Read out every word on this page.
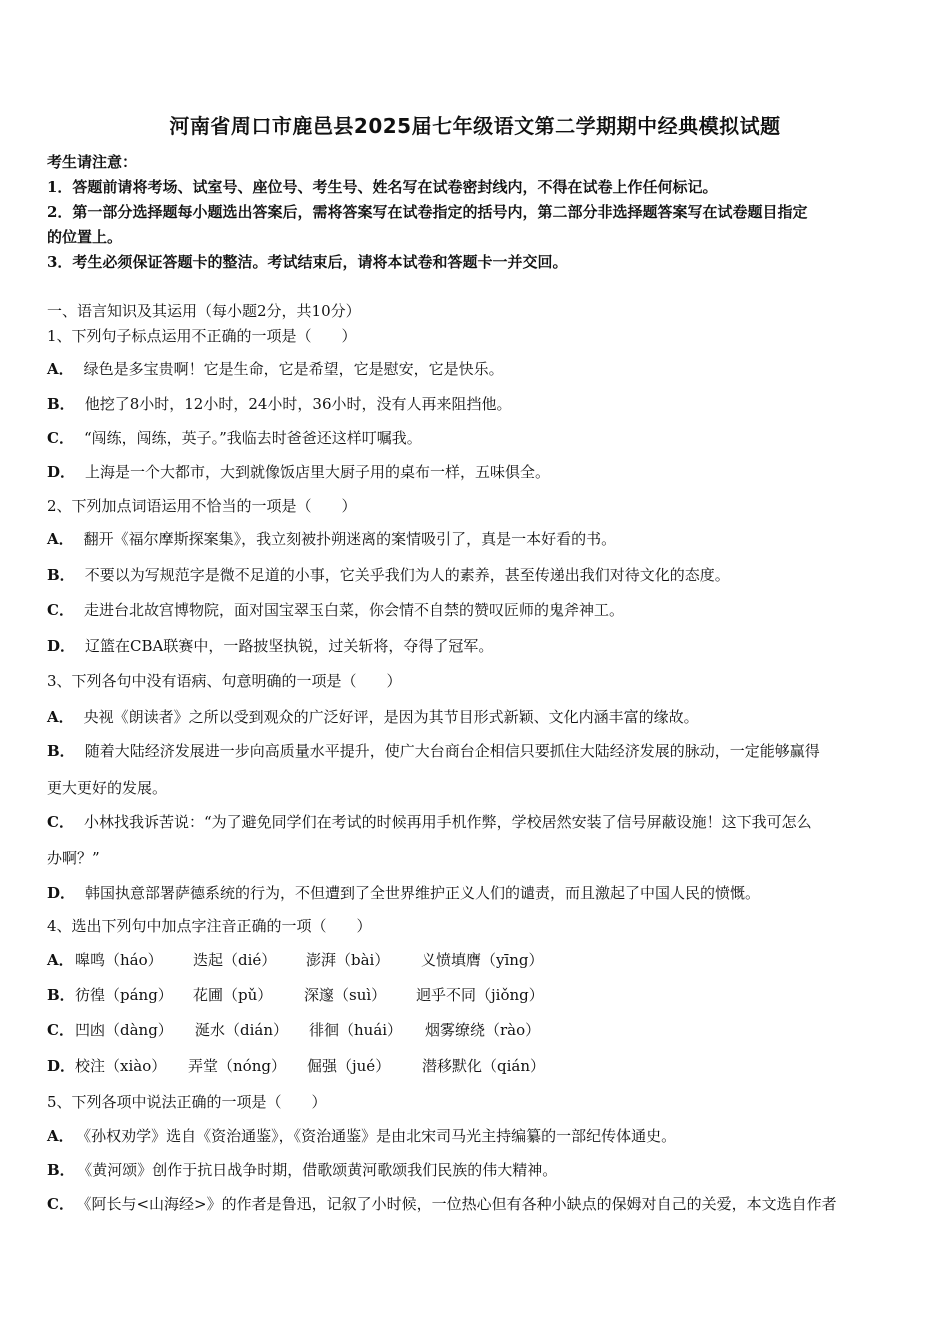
河南省周口市鹿邑县2025届七年级语文第二学期期中经典模拟试题
考生请注意：
1．答题前请将考场、试室号、座位号、考生号、姓名写在试卷密封线内，不得在试卷上作任何标记。
2．第一部分选择题每小题选出答案后，需将答案写在试卷指定的括号内，第二部分非选择题答案写在试卷题目指定
的位置上。
3．考生必须保证答题卡的整洁。考试结束后，请将本试卷和答题卡一并交回。
一、语言知识及其运用（每小题2分，共10分）
1、下列句子标点运用不正确的一项是（　　）
A． 绿色是多宝贵啊！它是生命，它是希望，它是慰安，它是快乐。
B． 他挖了8小时，12小时，24小时，36小时，没有人再来阻挡他。
C． “闯练，闯练，英子。”我临去时爸爸还这样叮嘱我。
D． 上海是一个大都市，大到就像饭店里大厨子用的桌布一样，五味俱全。
2、下列加点词语运用不恰当的一项是（　　）
A． 翻开《福尔摩斯探案集》，我立刻被扑朔迷离的案情吸引了，真是一本好看的书。
B． 不要以为写规范字是微不足道的小事，它关乎我们为人的素养，甚至传递出我们对待文化的态度。
C． 走进台北故宫博物院，面对国宝翠玉白菜，你会情不自禁的赞叹匠师的鬼斧神工。
D． 辽篮在CBA联赛中，一路披坚执锐，过关斩将，夺得了冠军。
3、下列各句中没有语病、句意明确的一项是（　　）
A． 央视《朗读者》之所以受到观众的广泛好评，是因为其节目形式新颖、文化内涵丰富的缘故。
B． 随着大陆经济发展进一步向高质量水平提升，使广大台商台企相信只要抓住大陆经济发展的脉动，一定能够赢得
更大更好的发展。
C． 小林找我诉苦说：“为了避免同学们在考试的时候再用手机作弊，学校居然安装了信号屏蔽设施！这下我可怎么
办啊？”
D． 韩国执意部署萨德系统的行为，不但遭到了全世界维护正义人们的谴责，而且激起了中国人民的愤慨。
4、选出下列句中加点字注音正确的一项（　　）
A． 嗥鸣（háo） 迭起（dié） 澎湃（bài） 义愤填膺（yīng）
B． 彷徨（páng） 花圃（pǔ） 深邃（suì） 迥乎不同（jiǒng）
C． 凹凼（dàng） 涎水（dián） 徘徊（huái） 烟雾缭绕（rào）
D． 校注（xiào） 弄堂（nóng） 倔强（jué） 潜移默化（qián）
5、下列各项中说法正确的一项是（　　）
A． 《孙权劝学》选自《资治通鉴》，《资治通鉴》是由北宋司马光主持编纂的一部纪传体通史。
B． 《黄河颂》创作于抗日战争时期，借歌颂黄河歌颂我们民族的伟大精神。
C． 《阿长与<山海经>》的作者是鲁迅，记叙了小时候，一位热心但有各种小缺点的保姆对自己的关爱，本文选自作者
